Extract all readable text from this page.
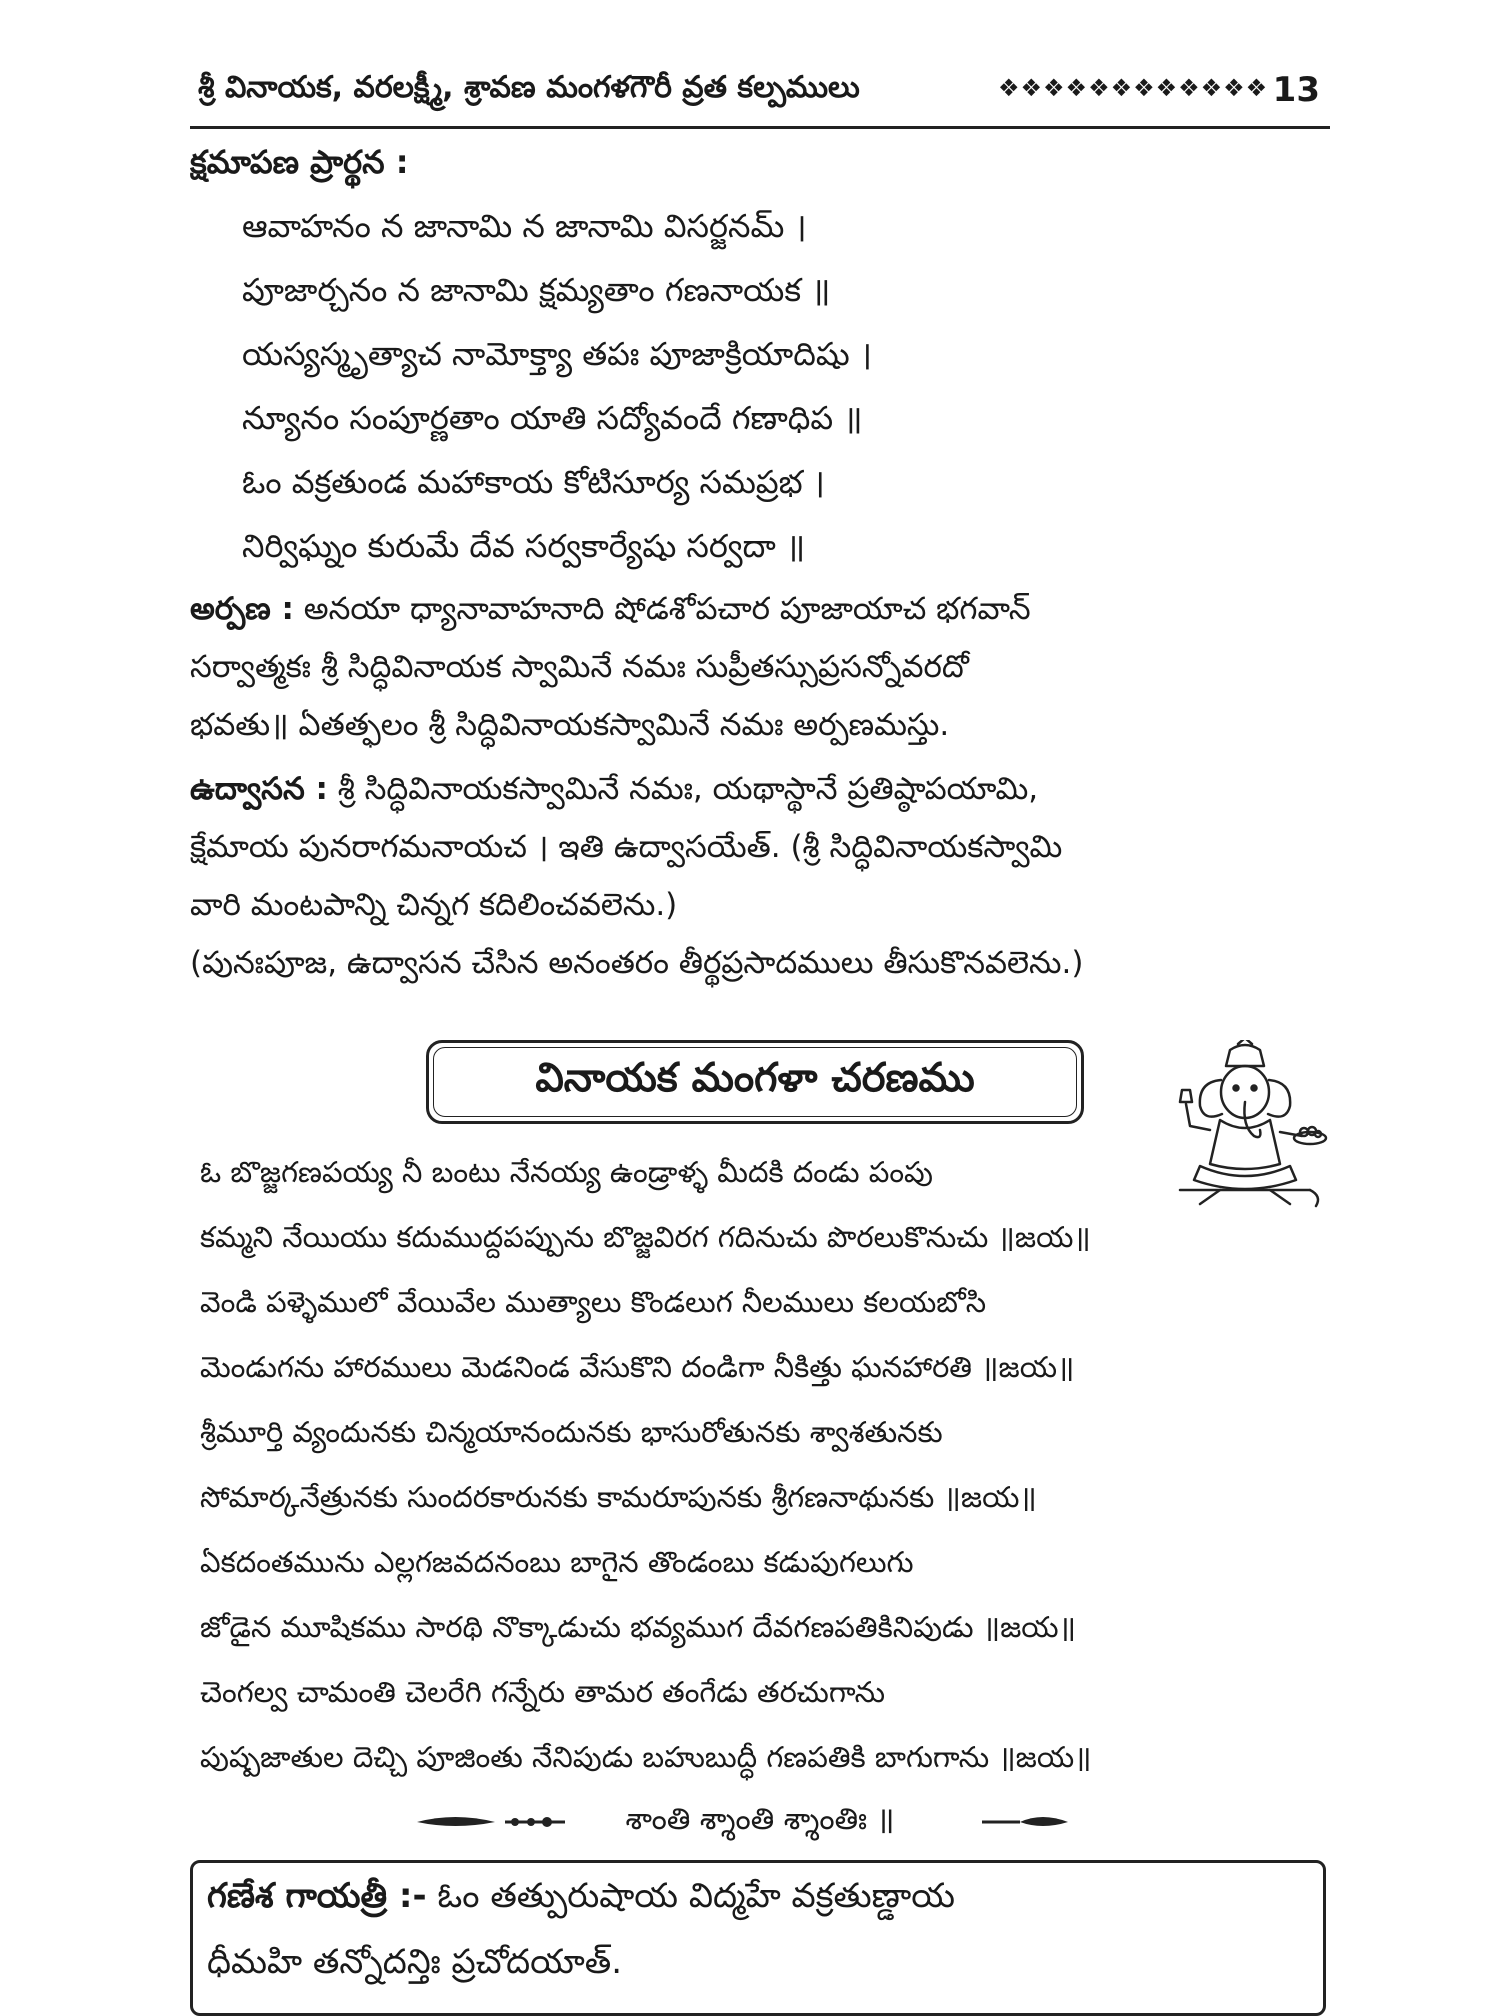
శ్రీ వినాయక, వరలక్ష్మీ, శ్రావణ మంగళగౌరీ వ్రత కల్పములు	❖❖❖❖❖❖❖❖❖❖❖❖ 13
క్షమాపణ ప్రార్థన :
ఆవాహనం న జానామి న జానామి విసర్జనమ్ ।
పూజార్చనం న జానామి క్షమ్యతాం గణనాయక ॥
యస్యస్మృత్యాచ నామోక్త్యా తపః పూజాక్రియాదిషు ।
న్యూనం సంపూర్ణతాం యాతి సద్యోవందే గణాధిప ॥
ఓం వక్రతుండ మహాకాయ కోటిసూర్య సమప్రభ ।
నిర్విఘ్నం కురుమే దేవ సర్వకార్యేషు సర్వదా ॥
అర్పణ : అనయా ధ్యానావాహనాది షోడశోపచార పూజాయాచ భగవాన్
సర్వాత్మకః శ్రీ సిద్ధివినాయక స్వామినే నమః సుప్రీతస్సుప్రసన్నోవరదో
భవతు॥ ఏతత్ఫలం శ్రీ సిద్ధివినాయకస్వామినే నమః అర్పణమస్తు.
ఉద్వాసన : శ్రీ సిద్ధివినాయకస్వామినే నమః, యథాస్థానే ప్రతిష్ఠాపయామి,
క్షేమాయ పునరాగమనాయచ । ఇతి ఉద్వాసయేత్. (శ్రీ సిద్ధివినాయకస్వామి
వారి మంటపాన్ని చిన్నగ కదిలించవలెను.)
(పునఃపూజ, ఉద్వాసన చేసిన అనంతరం తీర్థప్రసాదములు తీసుకొనవలెను.)
వినాయక మంగళా చరణము
ఓ బొజ్జగణపయ్య నీ బంటు నేనయ్య ఉండ్రాళ్ళ మీదకి దండు పంపు
కమ్మని నేయియు కదుముద్దపప్పును బొజ్జవిరగ గదినుచు పొరలుకొనుచు ॥జయ॥
వెండి పళ్ళెములో వేయివేల ముత్యాలు కొండలుగ నీలములు కలయబోసి
మెండుగను హారములు మెడనిండ వేసుకొని దండిగా నీకిత్తు ఘనహారతి ॥జయ॥
శ్రీమూర్తి వ్యందునకు చిన్మయానందునకు భాసురోతునకు శ్వాశతునకు
సోమార్కనేత్రునకు సుందరకారునకు కామరూపునకు శ్రీగణనాథునకు ॥జయ॥
ఏకదంతమును ఎల్లగజవదనంబు బాగైన తొండంబు కడుపుగలుగు
జోడైన మూషికము సారథి నొక్కాడుచు భవ్యముగ దేవగణపతికినిపుడు ॥జయ॥
చెంగల్వ చామంతి చెలరేగి గన్నేరు తామర తంగేడు తరచుగాను
పుష్పజాతుల దెచ్చి పూజింతు నేనిపుడు బహుబుద్ధీ గణపతికి బాగుగాను ॥జయ॥
శాంతి శ్శాంతి శ్శాంతిః ॥
గణేశ గాయత్రీ :- ఓం తత్పురుషాయ విద్మహే వక్రతుణ్డాయ
ధీమహి తన్నోదన్తిః ప్రచోదయాత్.
